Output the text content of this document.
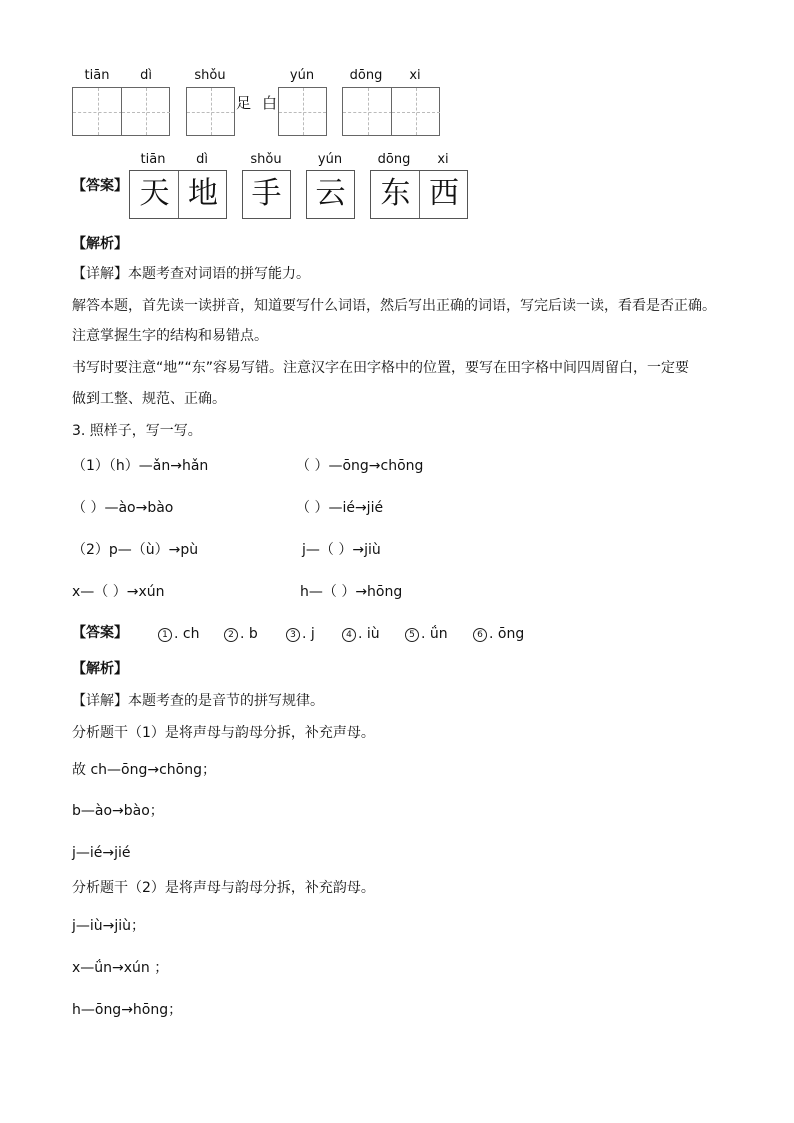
tiān	dì	shǒu	yún	dōng	xi
足 白
【答案】
tiān	dì	shǒu	yún	dōng	xi
天 地	手 云	东 西
【解析】
【详解】本题考查对词语的拼写能力。
解答本题，首先读一读拼音，知道要写什么词语，然后写出正确的词语，写完后读一读，看看是否正确。
注意掌握生字的结构和易错点。
书写时要注意“地”“东”容易写错。注意汉字在田字格中的位置，要写在田字格中间四周留白，一定要
做到工整、规范、正确。
3. 照样子，写一写。
（1）（h）—ǎn→hǎn	（ ）—ōng→chōng
（ ）—ào→bào	（ ）—ié→jié
（2）p—（ù）→pù	j—（ ）→jiù
x—（ ）→xún	h—（ ）→hōng
【答案】	1 . ch	2 . b	3 . j	4 . iù	5 . ǘn	6 . ōng
【解析】
【详解】本题考查的是音节的拼写规律。
分析题干（1）是将声母与韵母分拆，补充声母。
故 ch—ōng→chōng；
b—ào→bào；
j—ié→jié
分析题干（2）是将声母与韵母分拆，补充韵母。
j—iù→jiù；
x—ǘn→xún ；
h—ōng→hōng；
